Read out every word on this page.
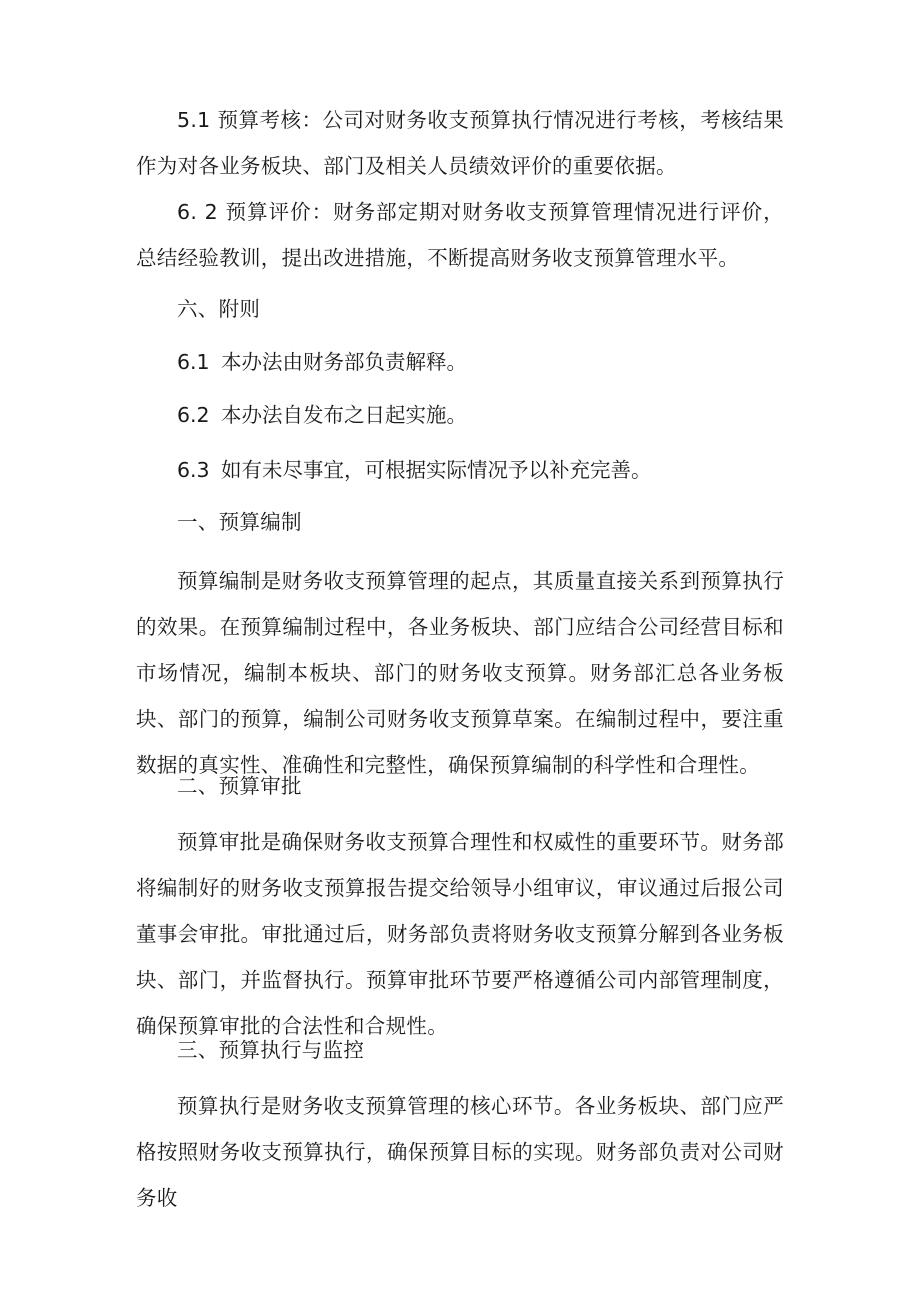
5.1 预算考核：公司对财务收支预算执行情况进行考核，考核结果作为对各业务板块、部门及相关人员绩效评价的重要依据。

6. 2 预算评价：财务部定期对财务收支预算管理情况进行评价，总结经验教训，提出改进措施，不断提高财务收支预算管理水平。

六、附则

6.1 本办法由财务部负责解释。

6.2 本办法自发布之日起实施。

6.3 如有未尽事宜，可根据实际情况予以补充完善。

一、预算编制

预算编制是财务收支预算管理的起点，其质量直接关系到预算执行的效果。在预算编制过程中，各业务板块、部门应结合公司经营目标和市场情况，编制本板块、部门的财务收支预算。财务部汇总各业务板块、部门的预算，编制公司财务收支预算草案。在编制过程中，要注重数据的真实性、准确性和完整性，确保预算编制的科学性和合理性。

二、预算审批

预算审批是确保财务收支预算合理性和权威性的重要环节。财务部将编制好的财务收支预算报告提交给领导小组审议，审议通过后报公司董事会审批。审批通过后，财务部负责将财务收支预算分解到各业务板块、部门，并监督执行。预算审批环节要严格遵循公司内部管理制度，确保预算审批的合法性和合规性。

三、预算执行与监控

预算执行是财务收支预算管理的核心环节。各业务板块、部门应严格按照财务收支预算执行，确保预算目标的实现。财务部负责对公司财务收
